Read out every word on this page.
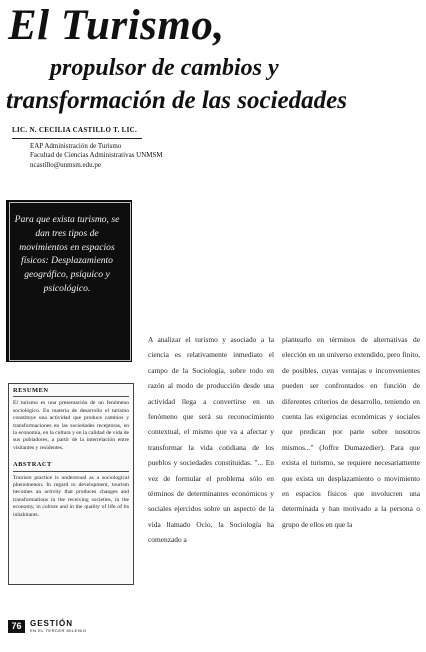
El Turismo,
propulsor de cambios y
transformación de las sociedades
LIC. N. CECILIA CASTILLO T. LIC.
EAP Administración de Turismo
Facultad de Ciencias Administrativas UNMSM
ncastillo@unmsm.edu.pe
Para que exista turismo, se dan tres tipos de movimientos en espacios físicos: Desplazamiento geográfico, psíquico y psicológico.
RESUMEN
El turismo es una presentación de un fenómeno sociológico. En materia de desarrollo el turismo constituye una actividad que produce cambios y transformaciones en las sociedades receptoras, en la economía, en la cultura y en la calidad de vida de sus pobladores, a partir de la interrelación entre visitantes y residentes.
ABSTRACT
Tourism practice is understood as a sociological phenomenon. In regard to development, tourism becomes an activity that produces changes and transformations in the receiving societies, in the economy, in culture and in the quality of life of its inhabitants.
A analizar el turismo y asociado a la ciencia es relativamente inmediato el campo de la Sociología, sobre todo en razón al modo de producción desde una actividad llega a convertirse en un fenómeno que será su reconocimiento contextual, el mismo que va a afectar y transformar la vida cotidiana de los pueblos y sociedades constituidas. "... En vez de formular el problema sólo en términos de determinantes económicos y sociales ejercidos sobre un aspecto de la vida llamado Ocio, la Sociología ha comenzado a
plantearlo en términos de alternativas de elección en un universo extendido, pero finito, de posibles, cuyas ventajas e inconvenientes pueden ser confrontados en función de diferentes criterios de desarrollo, teniendo en cuenta las exigencias económicas y sociales que predican por parte sobre nosotros mismos..." (Joffre Dumazedier). Para que exista el turismo, se requiere necesariamente que exista un desplazamiento o movimiento en espacios físicos que involucren una determinada y han motivado a la persona o grupo de ellos en que la
76	GESTIÓN
EN EL TERCER MILENIO
